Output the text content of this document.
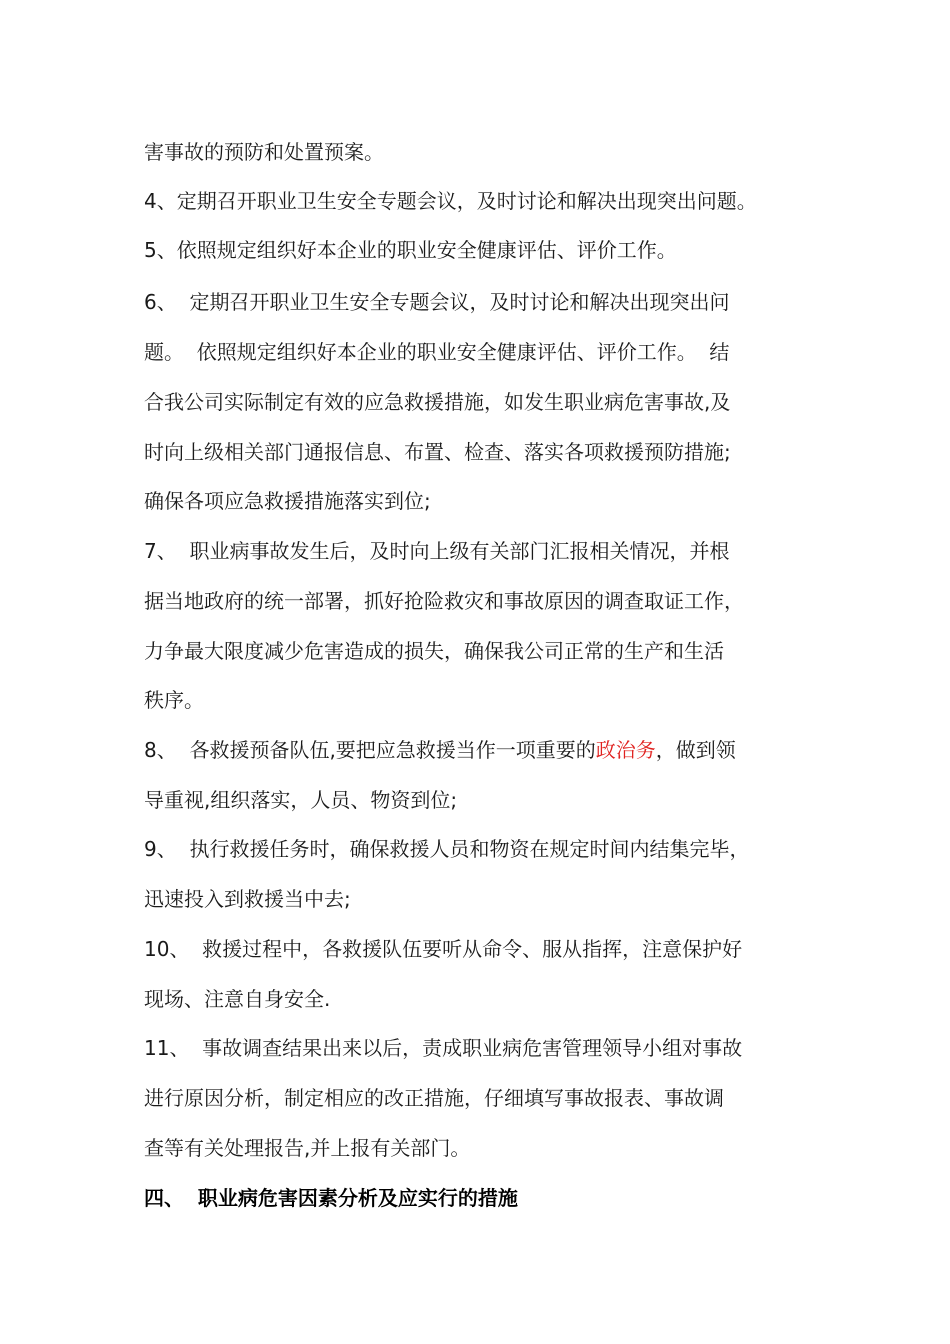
害事故的预防和处置预案。
4、定期召开职业卫生安全专题会议，及时讨论和解决出现突出问题。
5、依照规定组织好本企业的职业安全健康评估、评价工作。
6、  定期召开职业卫生安全专题会议，及时讨论和解决出现突出问
题。  依照规定组织好本企业的职业安全健康评估、评价工作。  结
合我公司实际制定有效的应急救援措施，如发生职业病危害事故,及
时向上级相关部门通报信息、布置、检查、落实各项救援预防措施;
确保各项应急救援措施落实到位;
7、  职业病事故发生后，及时向上级有关部门汇报相关情况，并根
据当地政府的统一部署，抓好抢险救灾和事故原因的调查取证工作，
力争最大限度减少危害造成的损失，确保我公司正常的生产和生活
秩序。
8、  各救援预备队伍,要把应急救援当作一项重要的政治务，做到领
导重视,组织落实，人员、物资到位;
9、  执行救援任务时，确保救援人员和物资在规定时间内结集完毕，
迅速投入到救援当中去;
10、  救援过程中，各救援队伍要听从命令、服从指挥，注意保护好
现场、注意自身安全.
11、  事故调查结果出来以后，责成职业病危害管理领导小组对事故
进行原因分析，制定相应的改正措施，仔细填写事故报表、事故调
查等有关处理报告,并上报有关部门。
四、  职业病危害因素分析及应实行的措施
